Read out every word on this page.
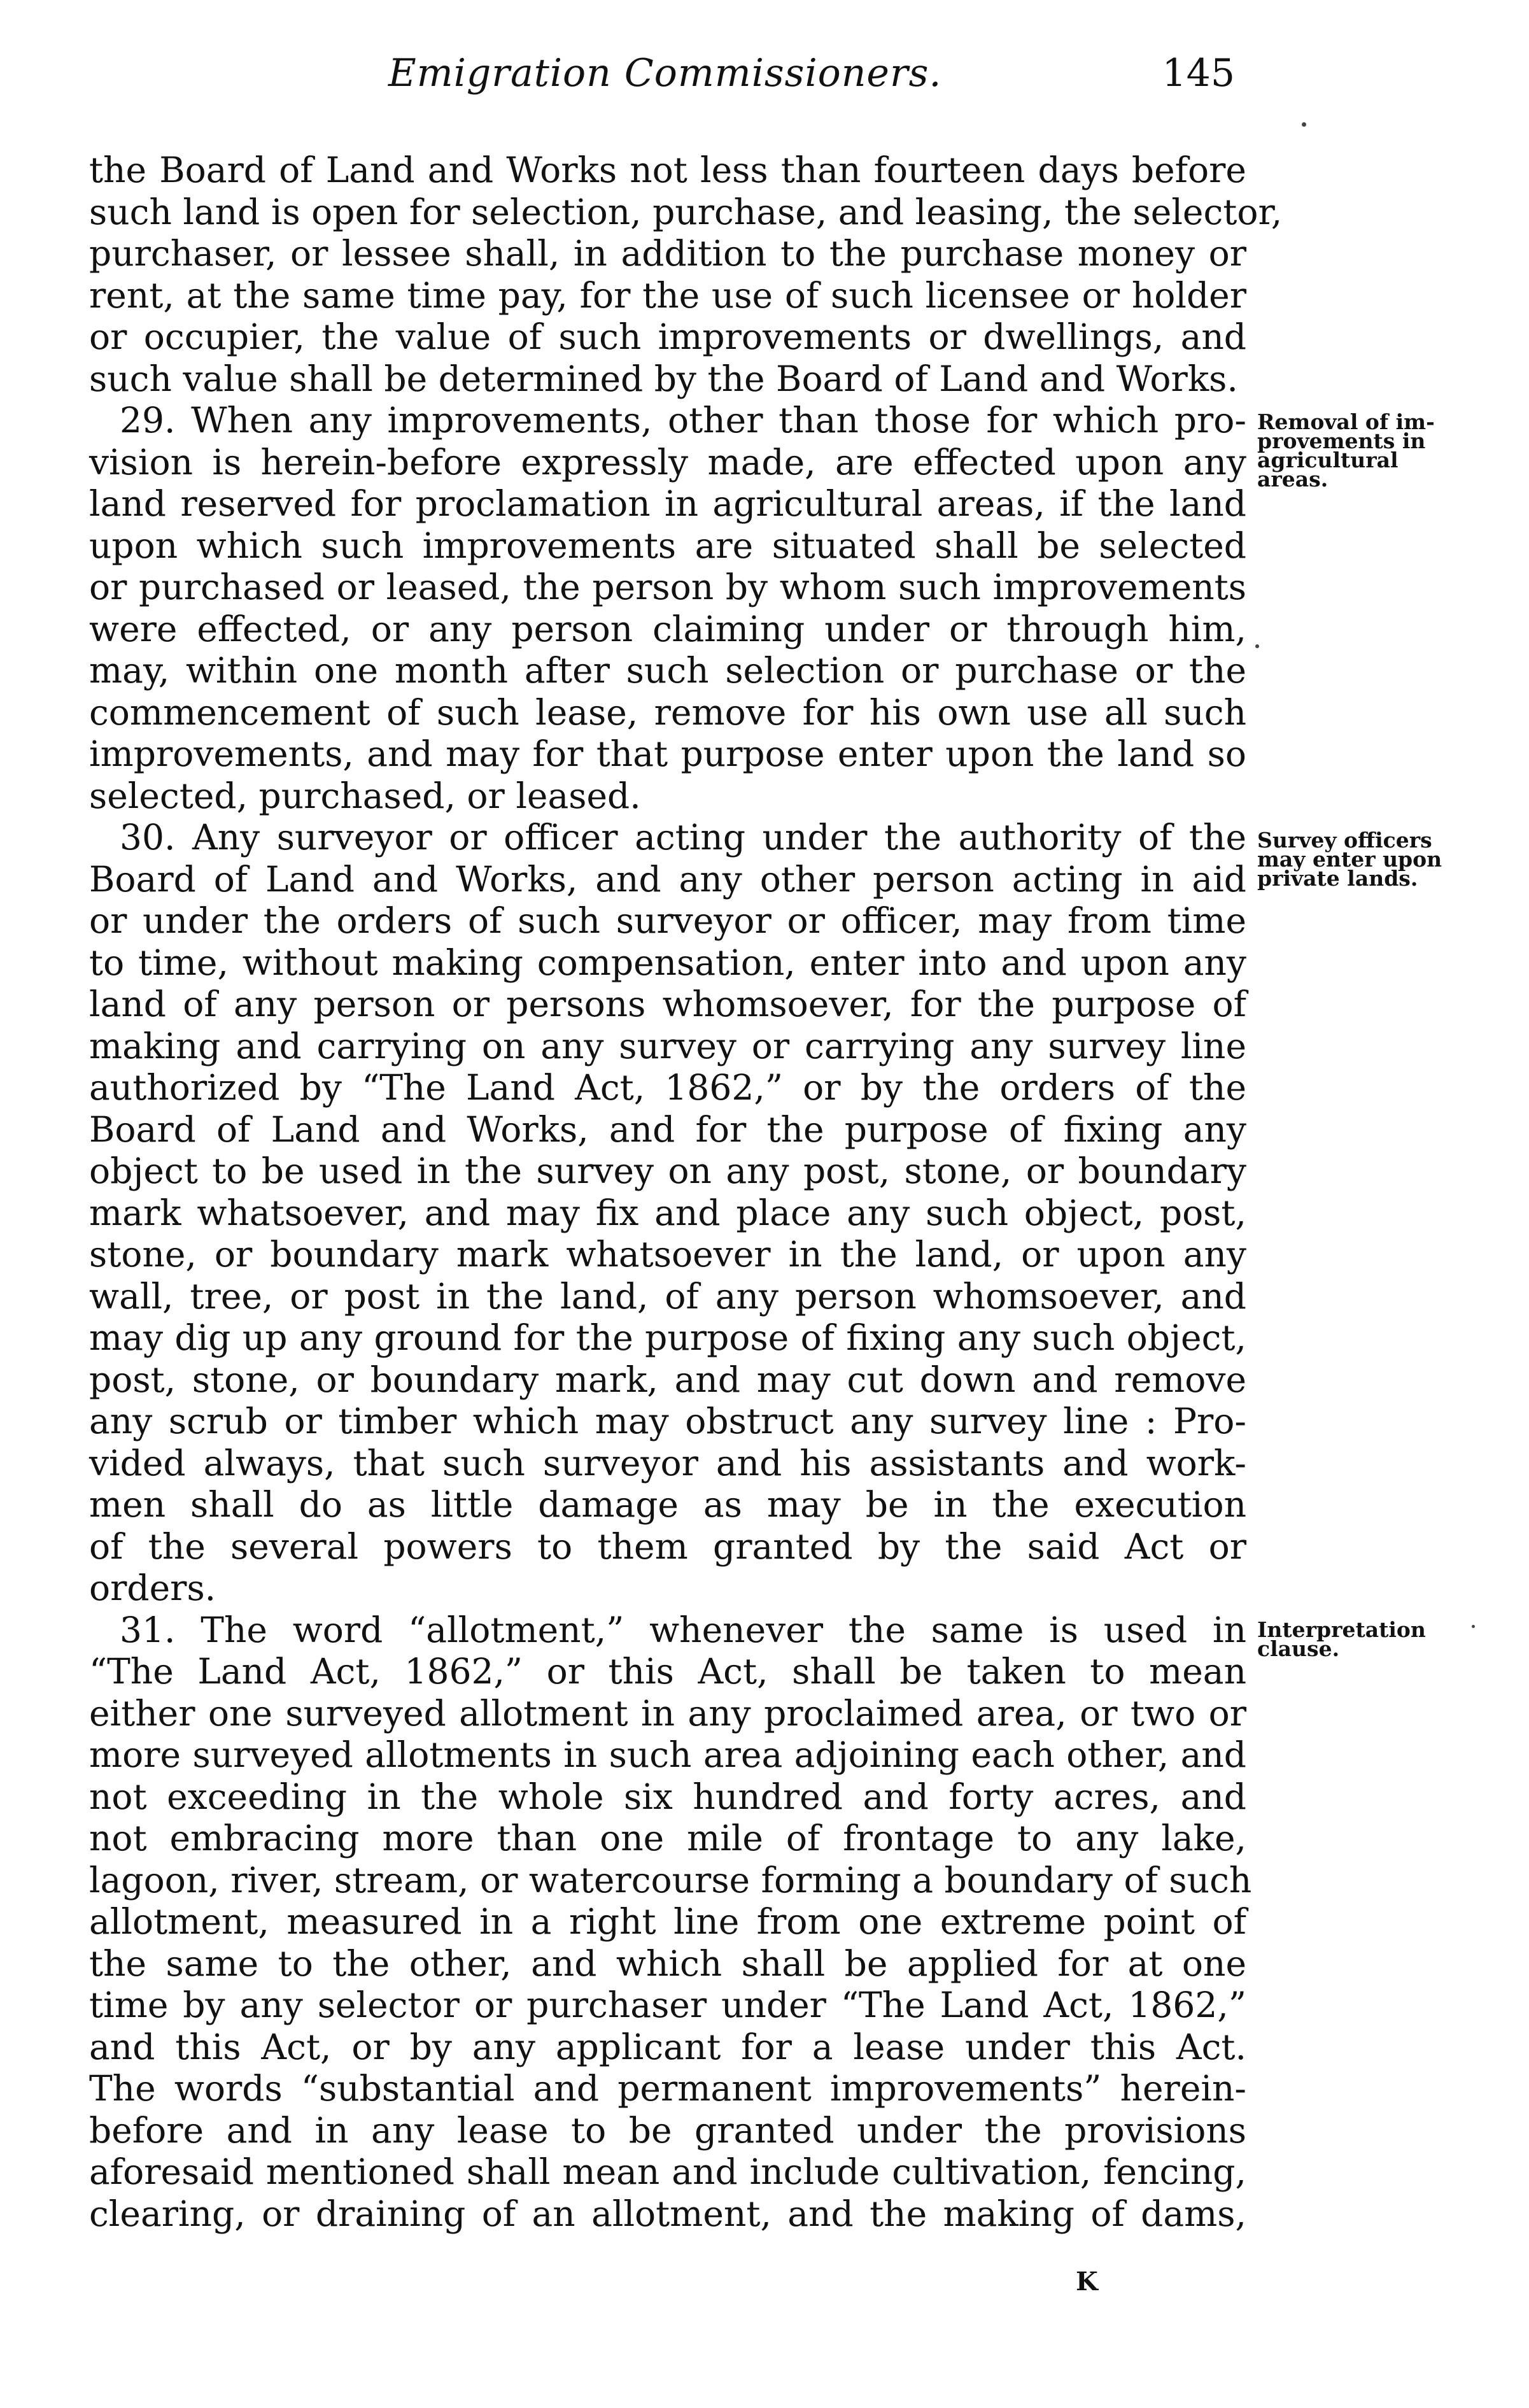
Emigration Commissioners.	145
the Board of Land and Works not less than fourteen days before
such land is open for selection, purchase, and leasing, the selector,
purchaser, or lessee shall, in addition to the purchase money or
rent, at the same time pay, for the use of such licensee or holder
or occupier, the value of such improvements or dwellings, and
such value shall be determined by the Board of Land and Works.
29. When any improvements, other than those for which pro-
vision is herein-before expressly made, are effected upon any
land reserved for proclamation in agricultural areas, if the land
upon which such improvements are situated shall be selected
or purchased or leased, the person by whom such improvements
were effected, or any person claiming under or through him,
may, within one month after such selection or purchase or the
commencement of such lease, remove for his own use all such
improvements, and may for that purpose enter upon the land so
selected, purchased, or leased.
30. Any surveyor or officer acting under the authority of the
Board of Land and Works, and any other person acting in aid
or under the orders of such surveyor or officer, may from time
to time, without making compensation, enter into and upon any
land of any person or persons whomsoever, for the purpose of
making and carrying on any survey or carrying any survey line
authorized by “The Land Act, 1862,” or by the orders of the
Board of Land and Works, and for the purpose of fixing any
object to be used in the survey on any post, stone, or boundary
mark whatsoever, and may fix and place any such object, post,
stone, or boundary mark whatsoever in the land, or upon any
wall, tree, or post in the land, of any person whomsoever, and
may dig up any ground for the purpose of fixing any such object,
post, stone, or boundary mark, and may cut down and remove
any scrub or timber which may obstruct any survey line : Pro-
vided always, that such surveyor and his assistants and work-
men shall do as little damage as may be in the execution
of the several powers to them granted by the said Act or
orders.
31. The word “allotment,” whenever the same is used in
“The Land Act, 1862,” or this Act, shall be taken to mean
either one surveyed allotment in any proclaimed area, or two or
more surveyed allotments in such area adjoining each other, and
not exceeding in the whole six hundred and forty acres, and
not embracing more than one mile of frontage to any lake,
lagoon, river, stream, or watercourse forming a boundary of such
allotment, measured in a right line from one extreme point of
the same to the other, and which shall be applied for at one
time by any selector or purchaser under “The Land Act, 1862,”
and this Act, or by any applicant for a lease under this Act.
The words “substantial and permanent improvements” herein-
before and in any lease to be granted under the provisions
aforesaid mentioned shall mean and include cultivation, fencing,
clearing, or draining of an allotment, and the making of dams,
Removal of im-
provements in
agricultural
areas.
Survey officers
may enter upon
private lands.
Interpretation
clause.
K
